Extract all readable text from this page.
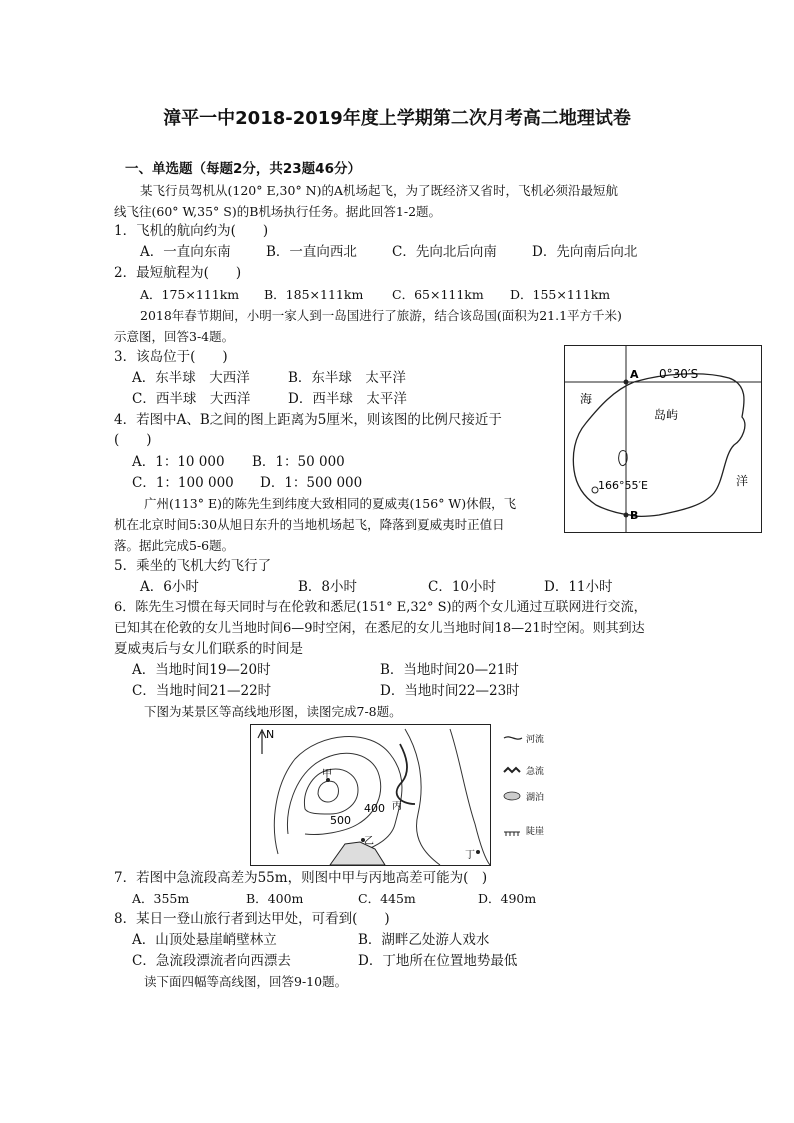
漳平一中2018-2019年度上学期第二次月考高二地理试卷
一、单选题（每题2分，共23题46分）
某飞行员驾机从(120° E,30° N)的A机场起飞，为了既经济又省时，飞机必须沿最短航
线飞往(60° W,35° S)的B机场执行任务。据此回答1-2题。
1．飞机的航向约为(　　)
A．一直向东南	B．一直向西北	C．先向北后向南	D．先向南后向北
2．最短航程为(　　)
A．175×111km B．185×111km C．65×111km D．155×111km
2018年春节期间，小明一家人到一岛国进行了旅游，结合该岛国(面积为21.1平方千米)
示意图，回答3-4题。
3．该岛位于(　　)
A．东半球　大西洋	B．东半球　太平洋
C．西半球　大西洋	D．西半球　太平洋
4．若图中A、B之间的图上距离为5厘米，则该图的比例尺接近于
(　　)
A．1：10 000 B．1：50 000
C．1：100 000 D．1：500 000
广州(113° E)的陈先生到纬度大致相同的夏威夷(156° W)休假，飞
机在北京时间5:30从旭日东升的当地机场起飞，降落到夏威夷时正值日
落。据此完成5-6题。
5．乘坐的飞机大约飞行了
A．6小时	B．8小时	C．10小时	D．11小时
6．陈先生习惯在每天同时与在伦敦和悉尼(151° E,32° S)的两个女儿通过互联网进行交流，
已知其在伦敦的女儿当地时间6—9时空闲，在悉尼的女儿当地时间18—21时空闲。则其到达
夏威夷后与女儿们联系的时间是
A．当地时间19—20时	B．当地时间20—21时
C．当地时间21—22时	D．当地时间22—23时
下图为某景区等高线地形图，读图完成7-8题。
7．若图中急流段高差为55m，则图中甲与丙地高差可能为(　)
A．355m	B．400m	C．445m	D．490m
8．某日一登山旅行者到达甲处，可看到(　　)
A．山顶处悬崖峭壁林立	B．湖畔乙处游人戏水
C．急流段漂流者向西漂去	D．丁地所在位置地势最低
读下面四幅等高线图，回答9-10题。
A
B
0°30′S
166°55′E
海
洋
岛屿
N
甲
丙
乙
丁
400
500
河流
急流
湖泊
陡崖
